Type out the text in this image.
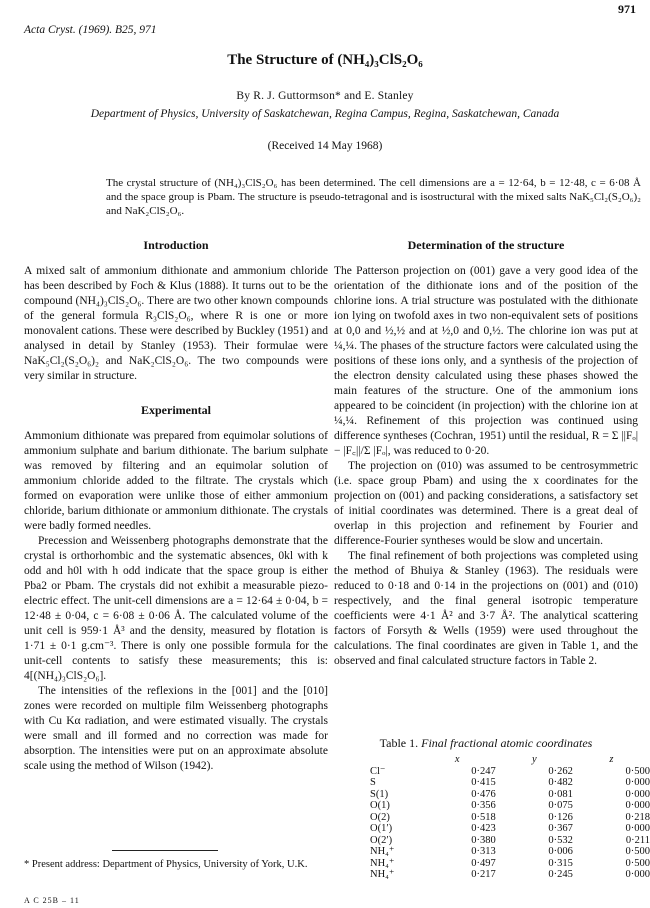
971
Acta Cryst. (1969). B25, 971
The Structure of (NH₄)₃ClS₂O₆
By R. J. Guttormson* and E. Stanley
Department of Physics, University of Saskatchewan, Regina Campus, Regina, Saskatchewan, Canada
(Received 14 May 1968)
The crystal structure of (NH₄)₃ClS₂O₆ has been determined. The cell dimensions are a = 12·64, b = 12·48, c = 6·08 Å and the space group is Pbam. The structure is pseudo-tetragonal and is isostructural with the mixed salts NaK₅Cl₂(S₂O₆)₂ and NaK₂ClS₂O₆.
Introduction

A mixed salt of ammonium dithionate and ammonium chloride has been described by Foch & Klus (1888). It turns out to be the compound (NH₄)₃ClS₂O₆. There are two other known compounds of the general formula R₃ClS₂O₆, where R is one or more monovalent cations. These were described by Buckley (1951) and analysed in detail by Stanley (1953). Their formulae were NaK₅Cl₂(S₂O₆)₂ and NaK₂ClS₂O₆. The two compounds were very similar in structure.

Experimental

Ammonium dithionate was prepared from equimolar solutions of ammonium sulphate and barium dithionate. The barium sulphate was removed by filtering and an equimolar solution of ammonium chloride added to the filtrate. The crystals which formed on evaporation were unlike those of either ammonium chloride, barium dithionate or ammonium dithionate. The crystals were badly formed needles.

Precession and Weissenberg photographs demonstrate that the crystal is orthorhombic and the systematic absences, 0kl with k odd and h0l with h odd indicate that the space group is either Pba2 or Pbam. The crystals did not exhibit a measurable piezo-electric effect. The unit-cell dimensions are a = 12·64 ± 0·04, b = 12·48 ± 0·04, c = 6·08 ± 0·06 Å. The calculated volume of the unit cell is 959·1 Å³ and the density, measured by flotation is 1·71 ± 0·1 g.cm⁻³. There is only one possible formula for the unit-cell contents to satisfy these measurements; this is: 4[(NH₄)₃ClS₂O₆].

The intensities of the reflexions in the [001] and the [010] zones were recorded on multiple film Weissenberg photographs with Cu Kα radiation, and were estimated visually. The crystals were small and ill formed and no correction was made for absorption. The intensities were put on an approximate absolute scale using the method of Wilson (1942).

Determination of the structure

The Patterson projection on (001) gave a very good idea of the orientation of the dithionate ions and of the position of the chlorine ions. A trial structure was postulated with the dithionate ion lying on twofold axes in two non-equivalent sets of positions at 0,0 and ½,½ and at ½,0 and 0,½. The chlorine ion was put at ¼,¼. The phases of the structure factors were calculated using the positions of these ions only, and a synthesis of the projection of the electron density calculated using these phases showed the main features of the structure. One of the ammonium ions appeared to be coincident (in projection) with the chlorine ion at ¼,¼. Refinement of this projection was continued using difference syntheses (Cochran, 1951) until the residual, R = Σ ||Fₒ| − |F꜀||/Σ |Fₒ|, was reduced to 0·20.

The projection on (010) was assumed to be centrosymmetric (i.e. space group Pbam) and using the x coordinates for the projection on (001) and packing considerations, a satisfactory set of initial coordinates was determined. There is a great deal of overlap in this projection and refinement by Fourier and difference-Fourier syntheses would be slow and uncertain.

The final refinement of both projections was completed using the method of Bhuiya & Stanley (1963). The residuals were reduced to 0·18 and 0·14 in the projections on (001) and (010) respectively, and the final general isotropic temperature coefficients were 4·1 Å² and 3·7 Å². The analytical scattering factors of Forsyth & Wells (1959) were used throughout the calculations. The final coordinates are given in Table 1, and the observed and final calculated structure factors in Table 2.

Table 1. Final fractional atomic coordinates
	x	y	z
Cl⁻	0·247	0·262	0·500
S	0·415	0·482	0·000
S(1)	0·476	0·081	0·000
O(1)	0·356	0·075	0·000
O(2)	0·518	0·126	0·218
O(1′)	0·423	0·367	0·000
O(2′)	0·380	0·532	0·211
NH₄⁺	0·313	0·006	0·500
NH₄⁺	0·497	0·315	0·500
NH₄⁺	0·217	0·245	0·000
* Present address: Department of Physics, University of York, U.K.
A C 25B – 11
